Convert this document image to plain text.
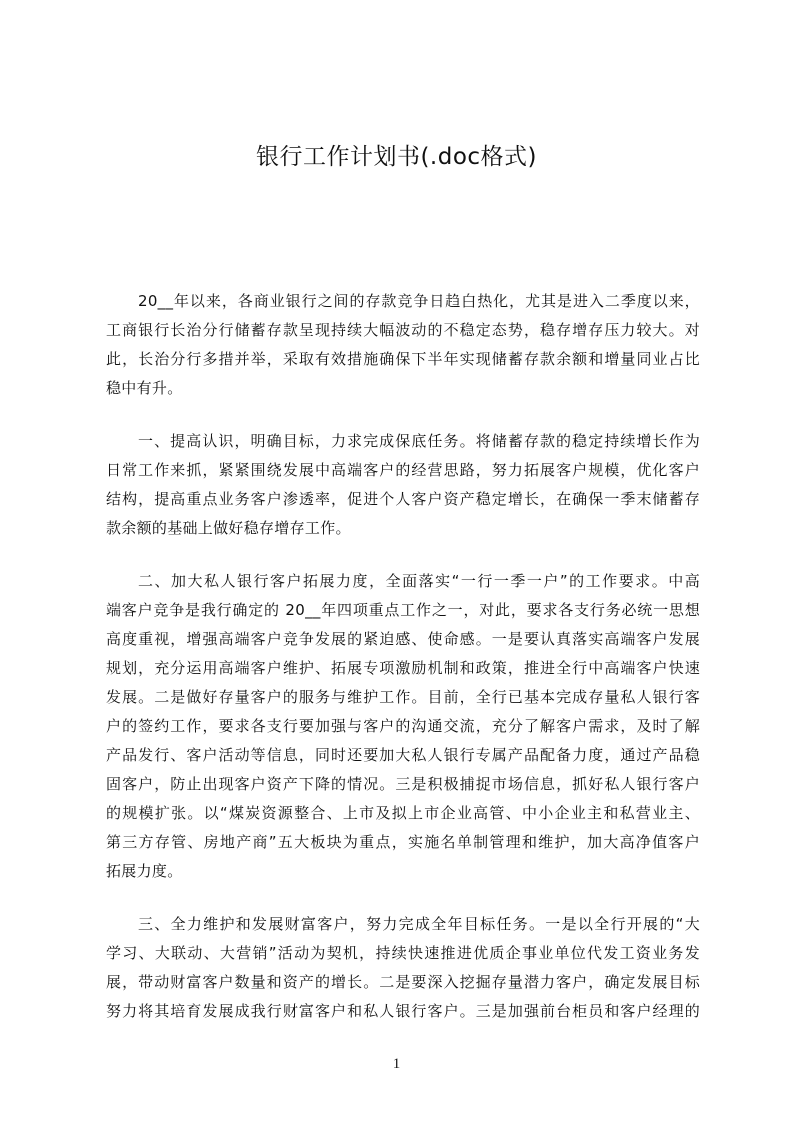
银行工作计划书(.doc格式)
20__年以来，各商业银行之间的存款竞争日趋白热化，尤其是进入二季度以来，
工商银行长治分行储蓄存款呈现持续大幅波动的不稳定态势，稳存增存压力较大。对
此，长治分行多措并举，采取有效措施确保下半年实现储蓄存款余额和增量同业占比
稳中有升。
一、提高认识，明确目标，力求完成保底任务。将储蓄存款的稳定持续增长作为
日常工作来抓，紧紧围绕发展中高端客户的经营思路，努力拓展客户规模，优化客户
结构，提高重点业务客户渗透率，促进个人客户资产稳定增长，在确保一季末储蓄存
款余额的基础上做好稳存增存工作。
二、加大私人银行客户拓展力度，全面落实“一行一季一户”的工作要求。中高
端客户竞争是我行确定的 20__年四项重点工作之一，对此，要求各支行务必统一思想
高度重视，增强高端客户竞争发展的紧迫感、使命感。一是要认真落实高端客户发展
规划，充分运用高端客户维护、拓展专项激励机制和政策，推进全行中高端客户快速
发展。二是做好存量客户的服务与维护工作。目前，全行已基本完成存量私人银行客
户的签约工作，要求各支行要加强与客户的沟通交流，充分了解客户需求，及时了解
产品发行、客户活动等信息，同时还要加大私人银行专属产品配备力度，通过产品稳
固客户，防止出现客户资产下降的情况。三是积极捕捉市场信息，抓好私人银行客户
的规模扩张。以“煤炭资源整合、上市及拟上市企业高管、中小企业主和私营业主、
第三方存管、房地产商”五大板块为重点，实施名单制管理和维护，加大高净值客户
拓展力度。
三、全力维护和发展财富客户，努力完成全年目标任务。一是以全行开展的“大
学习、大联动、大营销”活动为契机，持续快速推进优质企事业单位代发工资业务发
展，带动财富客户数量和资产的增长。二是要深入挖掘存量潜力客户，确定发展目标
努力将其培育发展成我行财富客户和私人银行客户。三是加强前台柜员和客户经理的
1
